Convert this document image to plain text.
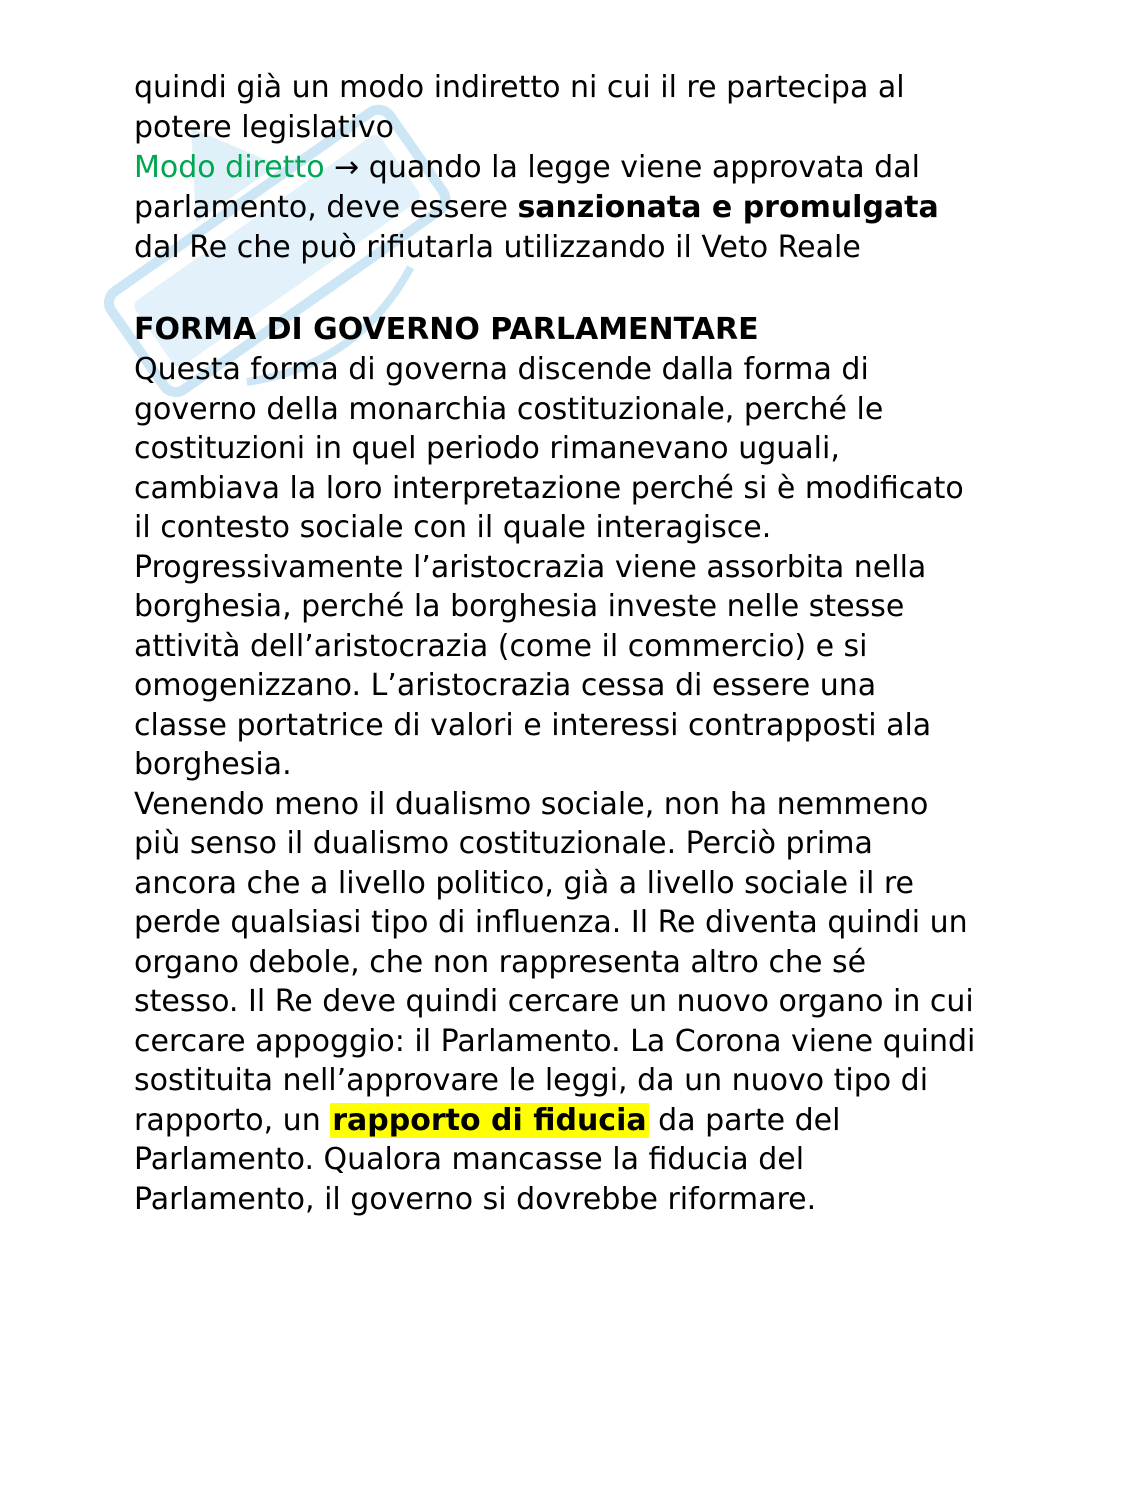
quindi già un modo indiretto ni cui il re partecipa al

potere legislativo

Modo diretto → quando la legge viene approvata dal

parlamento, deve essere sanzionata e promulgata

dal Re che può rifiutarla utilizzando il Veto Reale

FORMA DI GOVERNO PARLAMENTARE

Questa forma di governa discende dalla forma di

governo della monarchia costituzionale, perché le

costituzioni in quel periodo rimanevano uguali,

cambiava la loro interpretazione perché si è modificato

il contesto sociale con il quale interagisce.

Progressivamente l’aristocrazia viene assorbita nella

borghesia, perché la borghesia investe nelle stesse

attività dell’aristocrazia (come il commercio) e si

omogenizzano. L’aristocrazia cessa di essere una

classe portatrice di valori e interessi contrapposti ala

borghesia.

Venendo meno il dualismo sociale, non ha nemmeno

più senso il dualismo costituzionale. Perciò prima

ancora che a livello politico, già a livello sociale il re

perde qualsiasi tipo di influenza. Il Re diventa quindi un

organo debole, che non rappresenta altro che sé

stesso. Il Re deve quindi cercare un nuovo organo in cui

cercare appoggio: il Parlamento. La Corona viene quindi

sostituita nell’approvare le leggi, da un nuovo tipo di

rapporto, un rapporto di fiducia da parte del

Parlamento. Qualora mancasse la fiducia del

Parlamento, il governo si dovrebbe riformare.
